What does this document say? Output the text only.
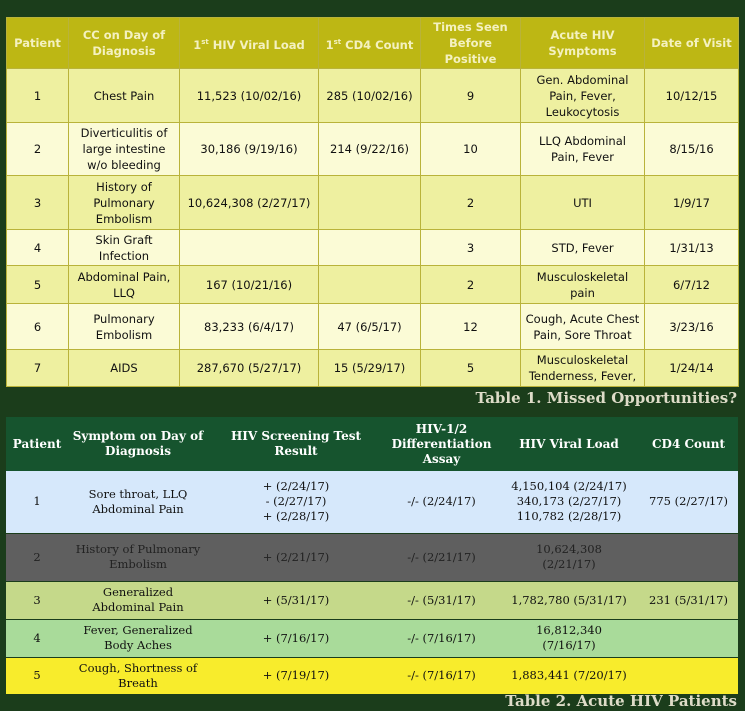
Patient	CC on Day of Diagnosis	1st HIV Viral Load	1st CD4 Count	Times Seen Before Positive	Acute HIV Symptoms	Date of Visit
1	Chest Pain	11,523 (10/02/16)	285 (10/02/16)	9	Gen. Abdominal Pain, Fever, Leukocytosis	10/12/15
2	Diverticulitis of large intestine w/o bleeding	30,186 (9/19/16)	214 (9/22/16)	10	LLQ Abdominal Pain, Fever	8/15/16
3	History of Pulmonary Embolism	10,624,308 (2/27/17)		2	UTI	1/9/17
4	Skin Graft Infection			3	STD, Fever	1/31/13
5	Abdominal Pain, LLQ	167 (10/21/16)		2	Musculoskeletal pain	6/7/12
6	Pulmonary Embolism	83,233 (6/4/17)	47 (6/5/17)	12	Cough, Acute Chest Pain, Sore Throat	3/23/16
7	AIDS	287,670 (5/27/17)	15 (5/29/17)	5	Musculoskeletal Tenderness, Fever,	1/24/14
Table 1. Missed Opportunities?
Patient	Symptom on Day of Diagnosis	HIV Screening Test Result	HIV-1/2 Differentiation Assay	HIV Viral Load	CD4 Count
1	Sore throat, LLQ Abdominal Pain	+ (2/24/17)
- (2/27/17)
+ (2/28/17)	-/- (2/24/17)	4,150,104 (2/24/17)
340,173 (2/27/17)
110,782 (2/28/17)	775 (2/27/17)
2	History of Pulmonary Embolism	+ (2/21/17)	-/- (2/21/17)	10,624,308
(2/21/17)	

3	Generalized Abdominal Pain	+ (5/31/17)	-/- (5/31/17)	1,782,780 (5/31/17)	231 (5/31/17)
4	Fever, Generalized Body Aches	+ (7/16/17)	-/- (7/16/17)	16,812,340
(7/16/17)	

5	Cough, Shortness of Breath	+ (7/19/17)	-/- (7/16/17)	1,883,441 (7/20/17)	

Table 2. Acute HIV Patients
